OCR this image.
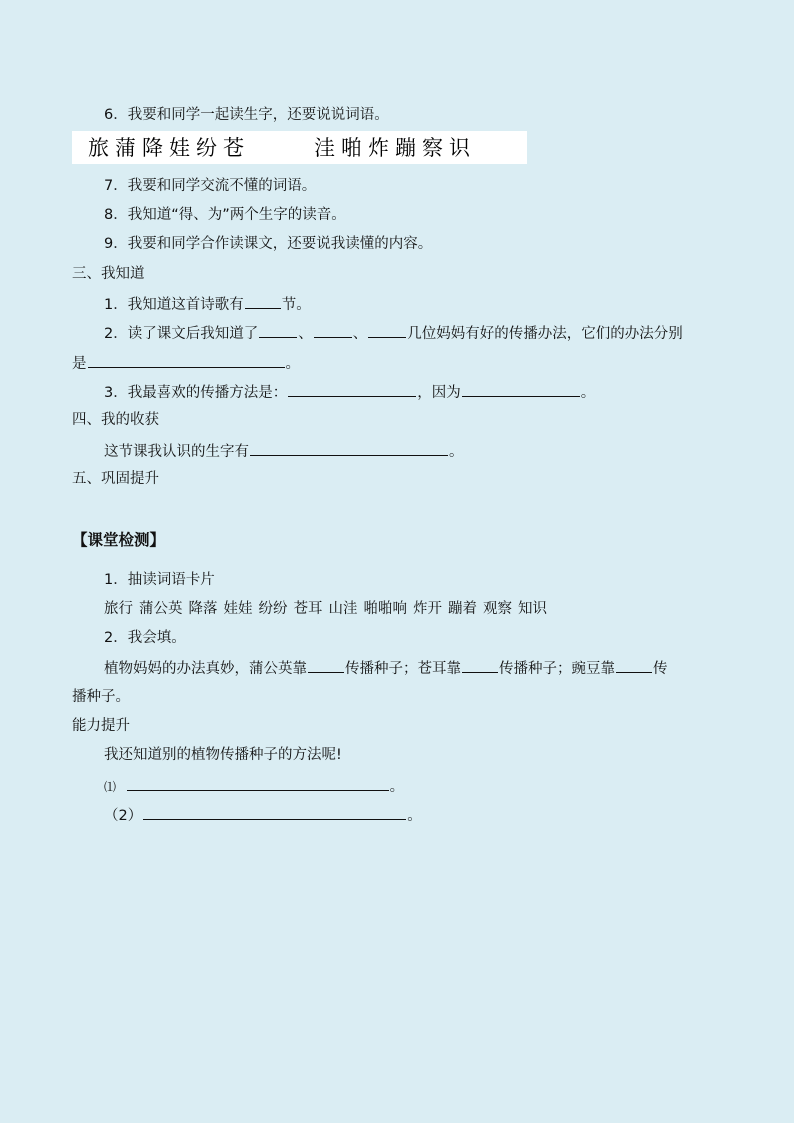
6．我要和同学一起读生字，还要说说词语。
旅蒲降娃纷苍	洼啪炸蹦察识
7．我要和同学交流不懂的词语。
8．我知道“得、为”两个生字的读音。
9．我要和同学合作读课文，还要说我读懂的内容。
三、我知道
1．我知道这首诗歌有	节。
2．读了课文后我知道了	、	、	几位妈妈有好的传播办法，它们的办法分别
是	。
3．我最喜欢的传播方法是：	，因为	。
四、我的收获
这节课我认识的生字有	。
五、巩固提升
【课堂检测】
1．抽读词语卡片
旅行 蒲公英 降落 娃娃 纷纷 苍耳 山洼 啪啪响 炸开 蹦着 观察 知识
2．我会填。
植物妈妈的办法真妙，蒲公英靠	传播种子；苍耳靠	传播种子；豌豆靠	传
播种子。
能力提升
我还知道别的植物传播种子的方法呢!
⑴	。
（2）	。
